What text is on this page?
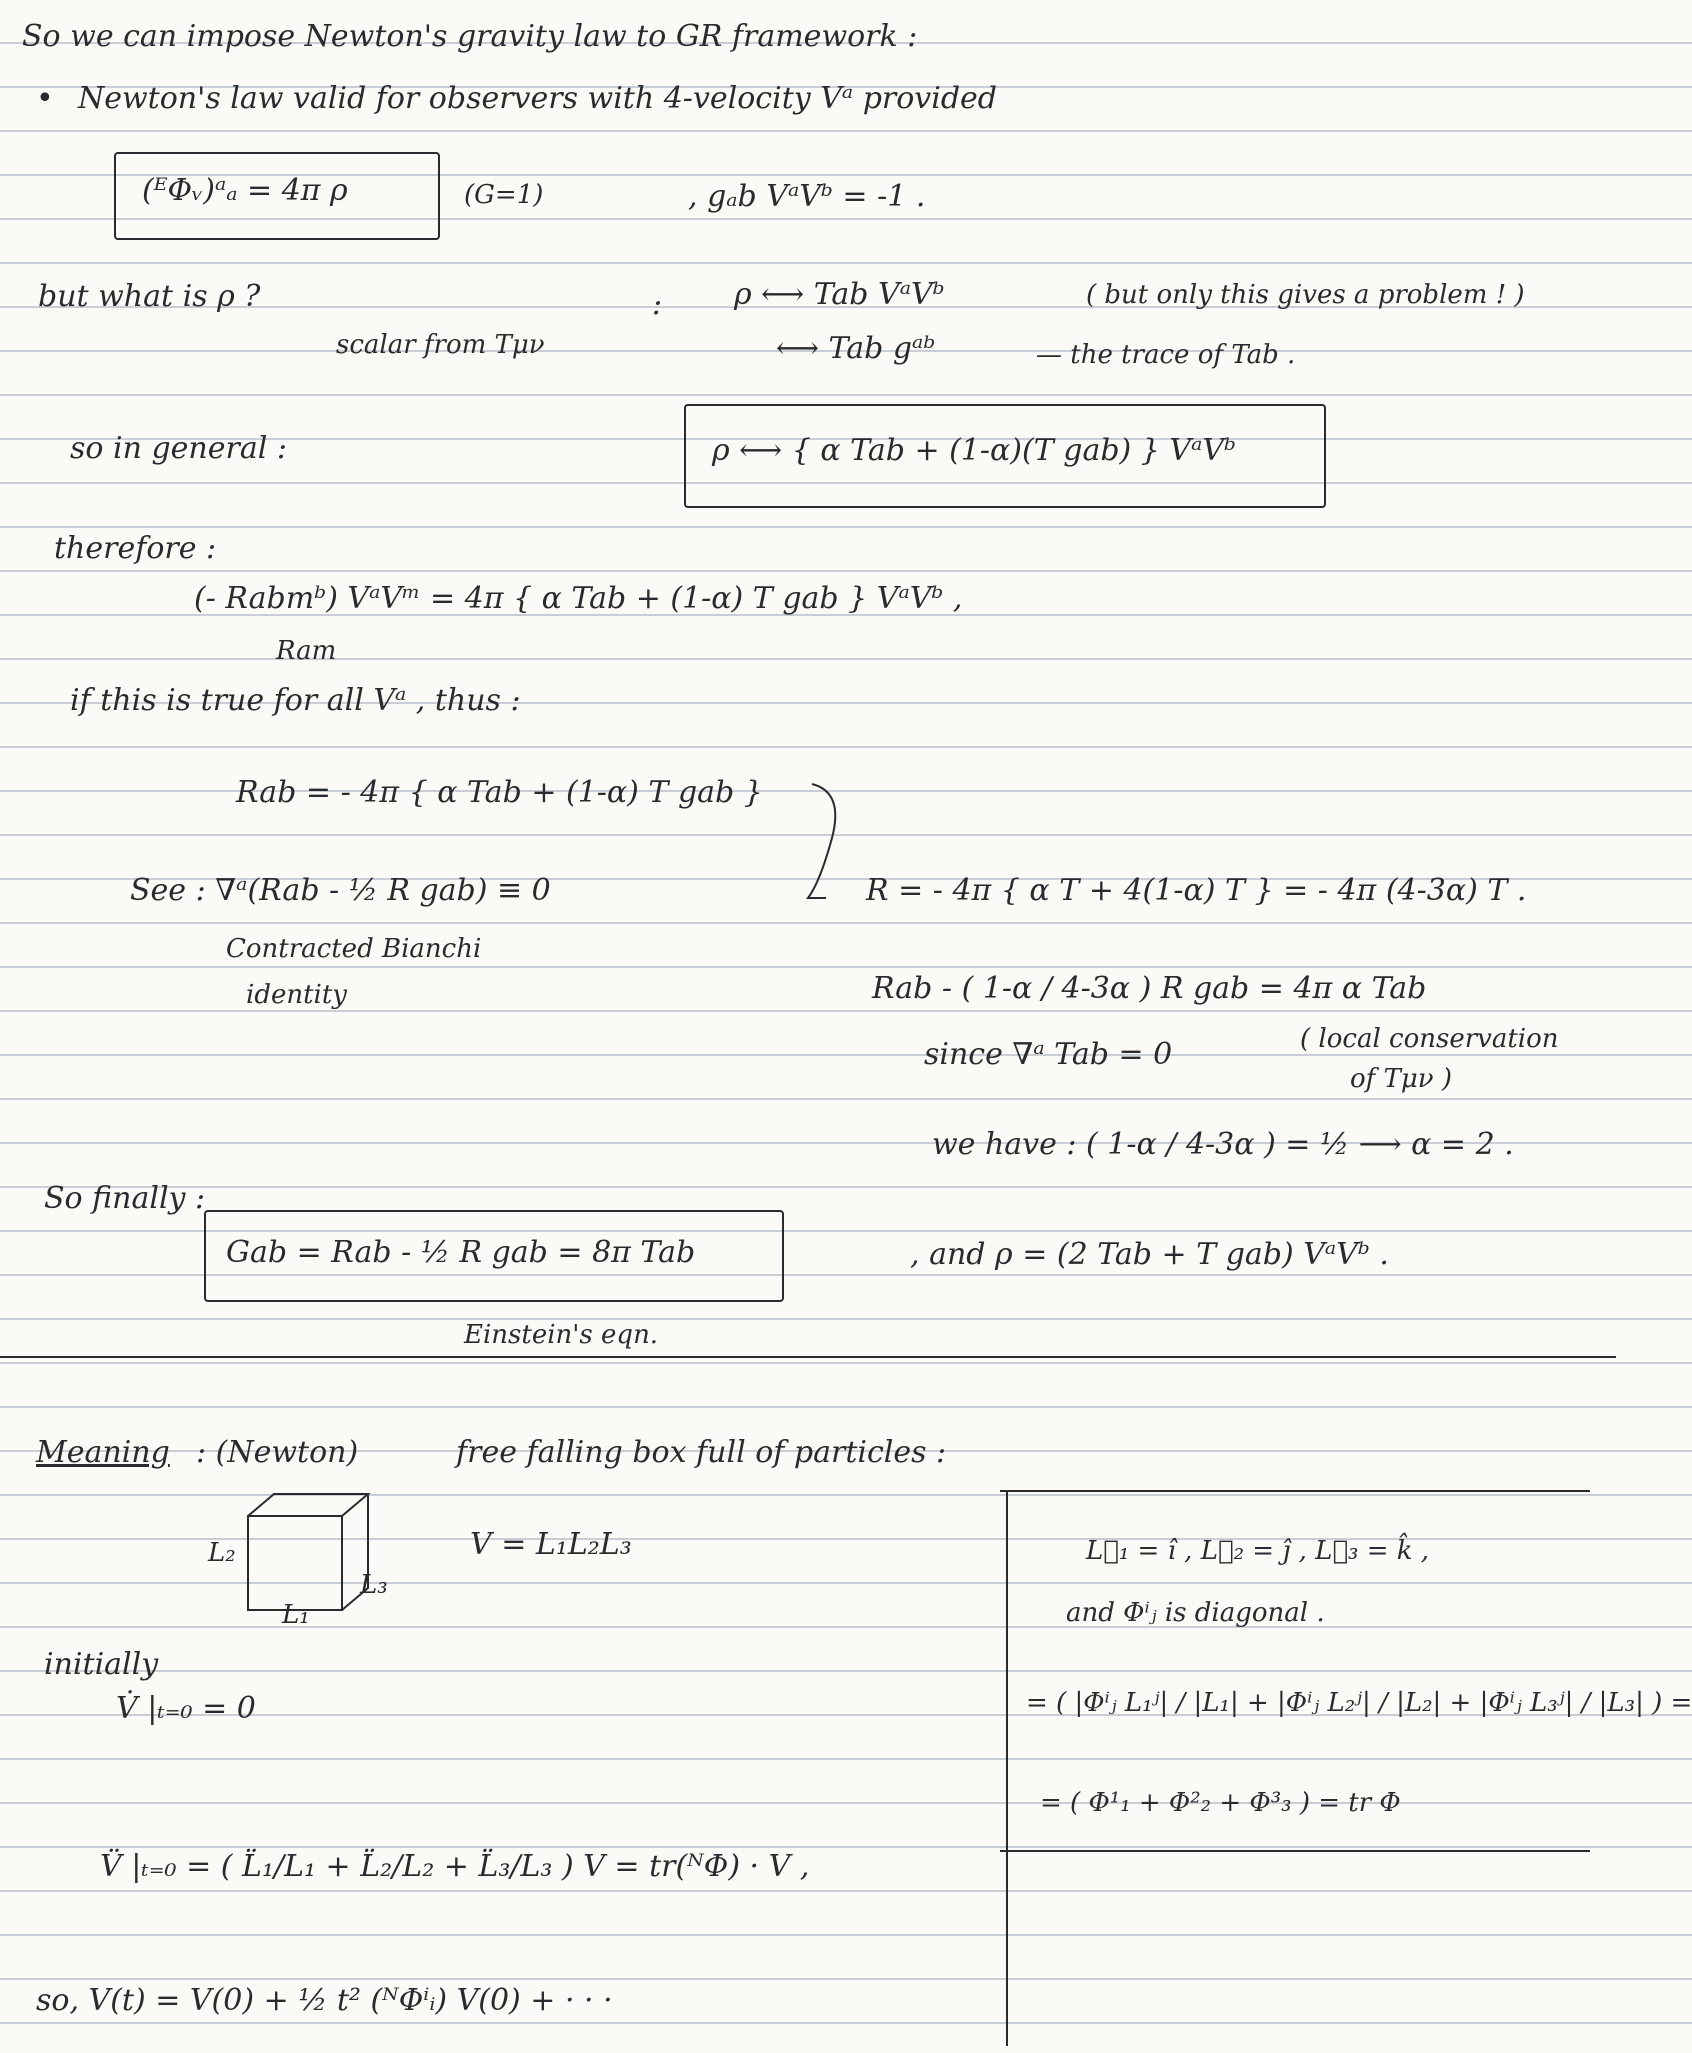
So we can impose Newton's gravity law to GR framework :
• Newton's law valid for observers with 4-velocity Vᵃ provided
(ᴱΦᵥ)ᵃₐ = 4π ρ	(G=1)	, gₐb VᵃVᵇ = -1 .
but what is ρ ?
scalar from Tμν
: ρ ⟷ Tab VᵃVᵇ	( but only this gives a problem ! )
⟷ Tab gᵃᵇ	— the trace of Tab .
so in general :	ρ ⟷ { α Tab + (1-α)(T gab) } VᵃVᵇ
therefore :
(- Rabmᵇ) VᵃVᵐ = 4π { α Tab + (1-α) T gab } VᵃVᵇ ,
Ram
if this is true for all Vᵃ , thus :
Rab = - 4π { α Tab + (1-α) T gab }
See : ∇ᵃ(Rab - ½ R gab) ≡ 0
Contracted Bianchi
identity
R = - 4π { α T + 4(1-α) T } = - 4π (4-3α) T .
Rab - ( 1-α / 4-3α ) R gab = 4π α Tab
since ∇ᵃ Tab = 0	( local conservation
of Tμν )
we have : ( 1-α / 4-3α ) = ½ ⟶ α = 2 .
So finally :
Gab = Rab - ½ R gab = 8π Tab	, and ρ = (2 Tab + T gab) VᵃVᵇ .
Einstein's eqn.
Meaning : (Newton)	free falling box full of particles :
L₂
L₃
L₁
V = L₁L₂L₃
initially
V̇ |ₜ₌₀ = 0
V̈ |ₜ₌₀ = ( L̈₁/L₁ + L̈₂/L₂ + L̈₃/L₃ ) V = tr(ᴺΦ) · V ,
so, V(t) = V(0) + ½ t² (ᴺΦⁱᵢ) V(0) + · · ·
L⃗₁ = î , L⃗₂ = ĵ , L⃗₃ = k̂ ,
and Φⁱⱼ is diagonal .
= ( |Φⁱⱼ L₁ʲ| / |L₁| + |Φⁱⱼ L₂ʲ| / |L₂| + |Φⁱⱼ L₃ʲ| / |L₃| ) =
= ( Φ¹₁ + Φ²₂ + Φ³₃ ) = tr Φ
